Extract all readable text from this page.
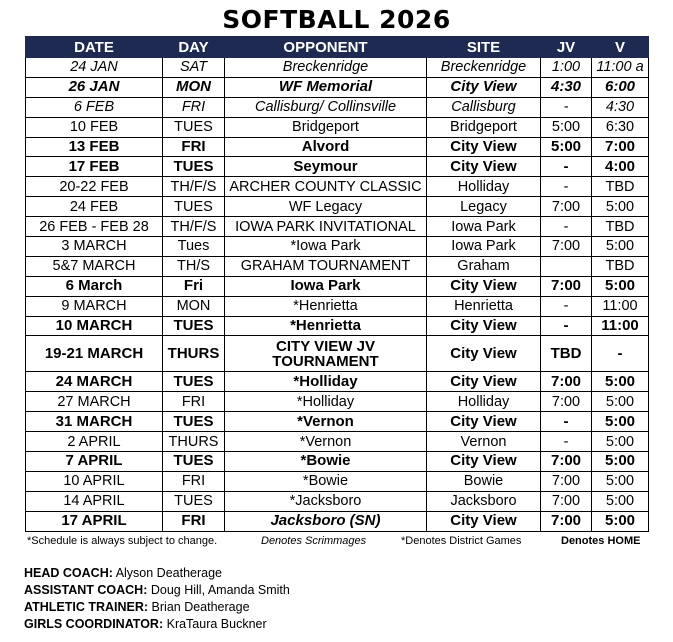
SOFTBALL 2026
DATE	DAY	OPPONENT	SITE	JV	V
24 JAN	SAT	Breckenridge	Breckenridge	1:00	11:00 a
26 JAN	MON	WF Memorial	City View	4:30	6:00
6 FEB	FRI	Callisburg/ Collinsville	Callisburg	-	4:30
10 FEB	TUES	Bridgeport	Bridgeport	5:00	6:30
13 FEB	FRI	Alvord	City View	5:00	7:00
17 FEB	TUES	Seymour	City View	-	4:00
20-22 FEB	TH/F/S	ARCHER COUNTY CLASSIC	Holliday	-	TBD
24 FEB	TUES	WF Legacy	Legacy	7:00	5:00
26 FEB - FEB 28	TH/F/S	IOWA PARK INVITATIONAL	Iowa Park	-	TBD
3 MARCH	Tues	*Iowa Park	Iowa Park	7:00	5:00
5&7 MARCH	TH/S	GRAHAM TOURNAMENT	Graham		TBD
6 March	Fri	Iowa Park	City View	7:00	5:00
9 MARCH	MON	*Henrietta	Henrietta	-	11:00
10 MARCH	TUES	*Henrietta	City View	-	11:00
19-21 MARCH	THURS	CITY VIEW JV TOURNAMENT	City View	TBD	-
24 MARCH	TUES	*Holliday	City View	7:00	5:00
27 MARCH	FRI	*Holliday	Holliday	7:00	5:00
31 MARCH	TUES	*Vernon	City View	-	5:00
2 APRIL	THURS	*Vernon	Vernon	-	5:00
7 APRIL	TUES	*Bowie	City View	7:00	5:00
10 APRIL	FRI	*Bowie	Bowie	7:00	5:00
14 APRIL	TUES	*Jacksboro	Jacksboro	7:00	5:00
17 APRIL	FRI	Jacksboro (SN)	City View	7:00	5:00
*Schedule is always subject to change.	Denotes Scrimmages	*Denotes District Games	Denotes HOME
HEAD COACH: Alyson Deatherage
ASSISTANT COACH: Doug Hill, Amanda Smith
ATHLETIC TRAINER: Brian Deatherage
GIRLS COORDINATOR: KraTaura Buckner
